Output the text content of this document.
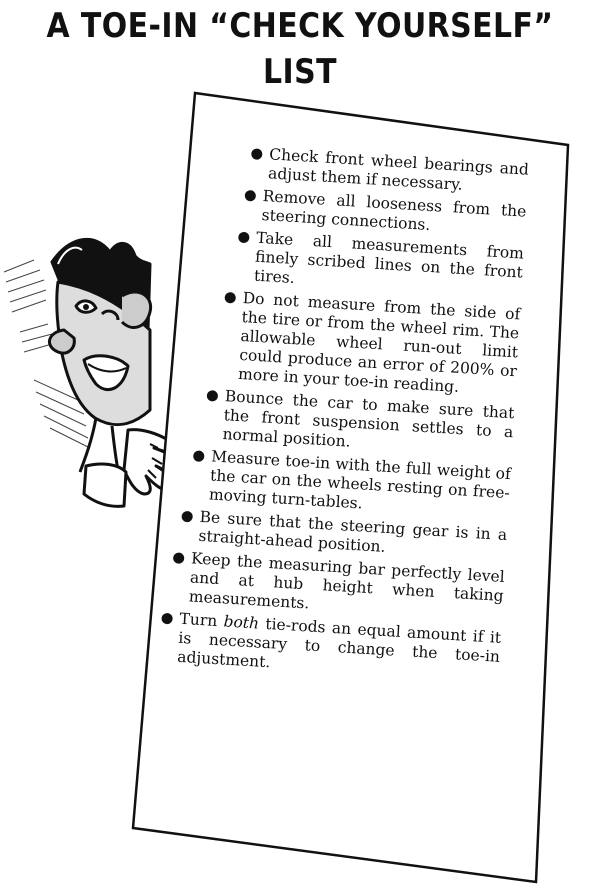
A TOE-IN “CHECK YOURSELF”
LIST
Check front wheel bearings and adjust them if necessary.
Remove all looseness from the steering connections.
Take all measurements from finely scribed lines on the front tires.
Do not measure from the side of the tire or from the wheel rim. The allowable wheel run-out limit could produce an error of 200% or more in your toe-in reading.
Bounce the car to make sure that the front suspension settles to a normal position.
Measure toe-in with the full weight of the car on the wheels resting on free-moving turn-tables.
Be sure that the steering gear is in a straight-ahead position.
Keep the measuring bar perfectly level and at hub height when taking measurements.
Turn both tie-rods an equal amount if it is necessary to change the toe-in adjustment.
